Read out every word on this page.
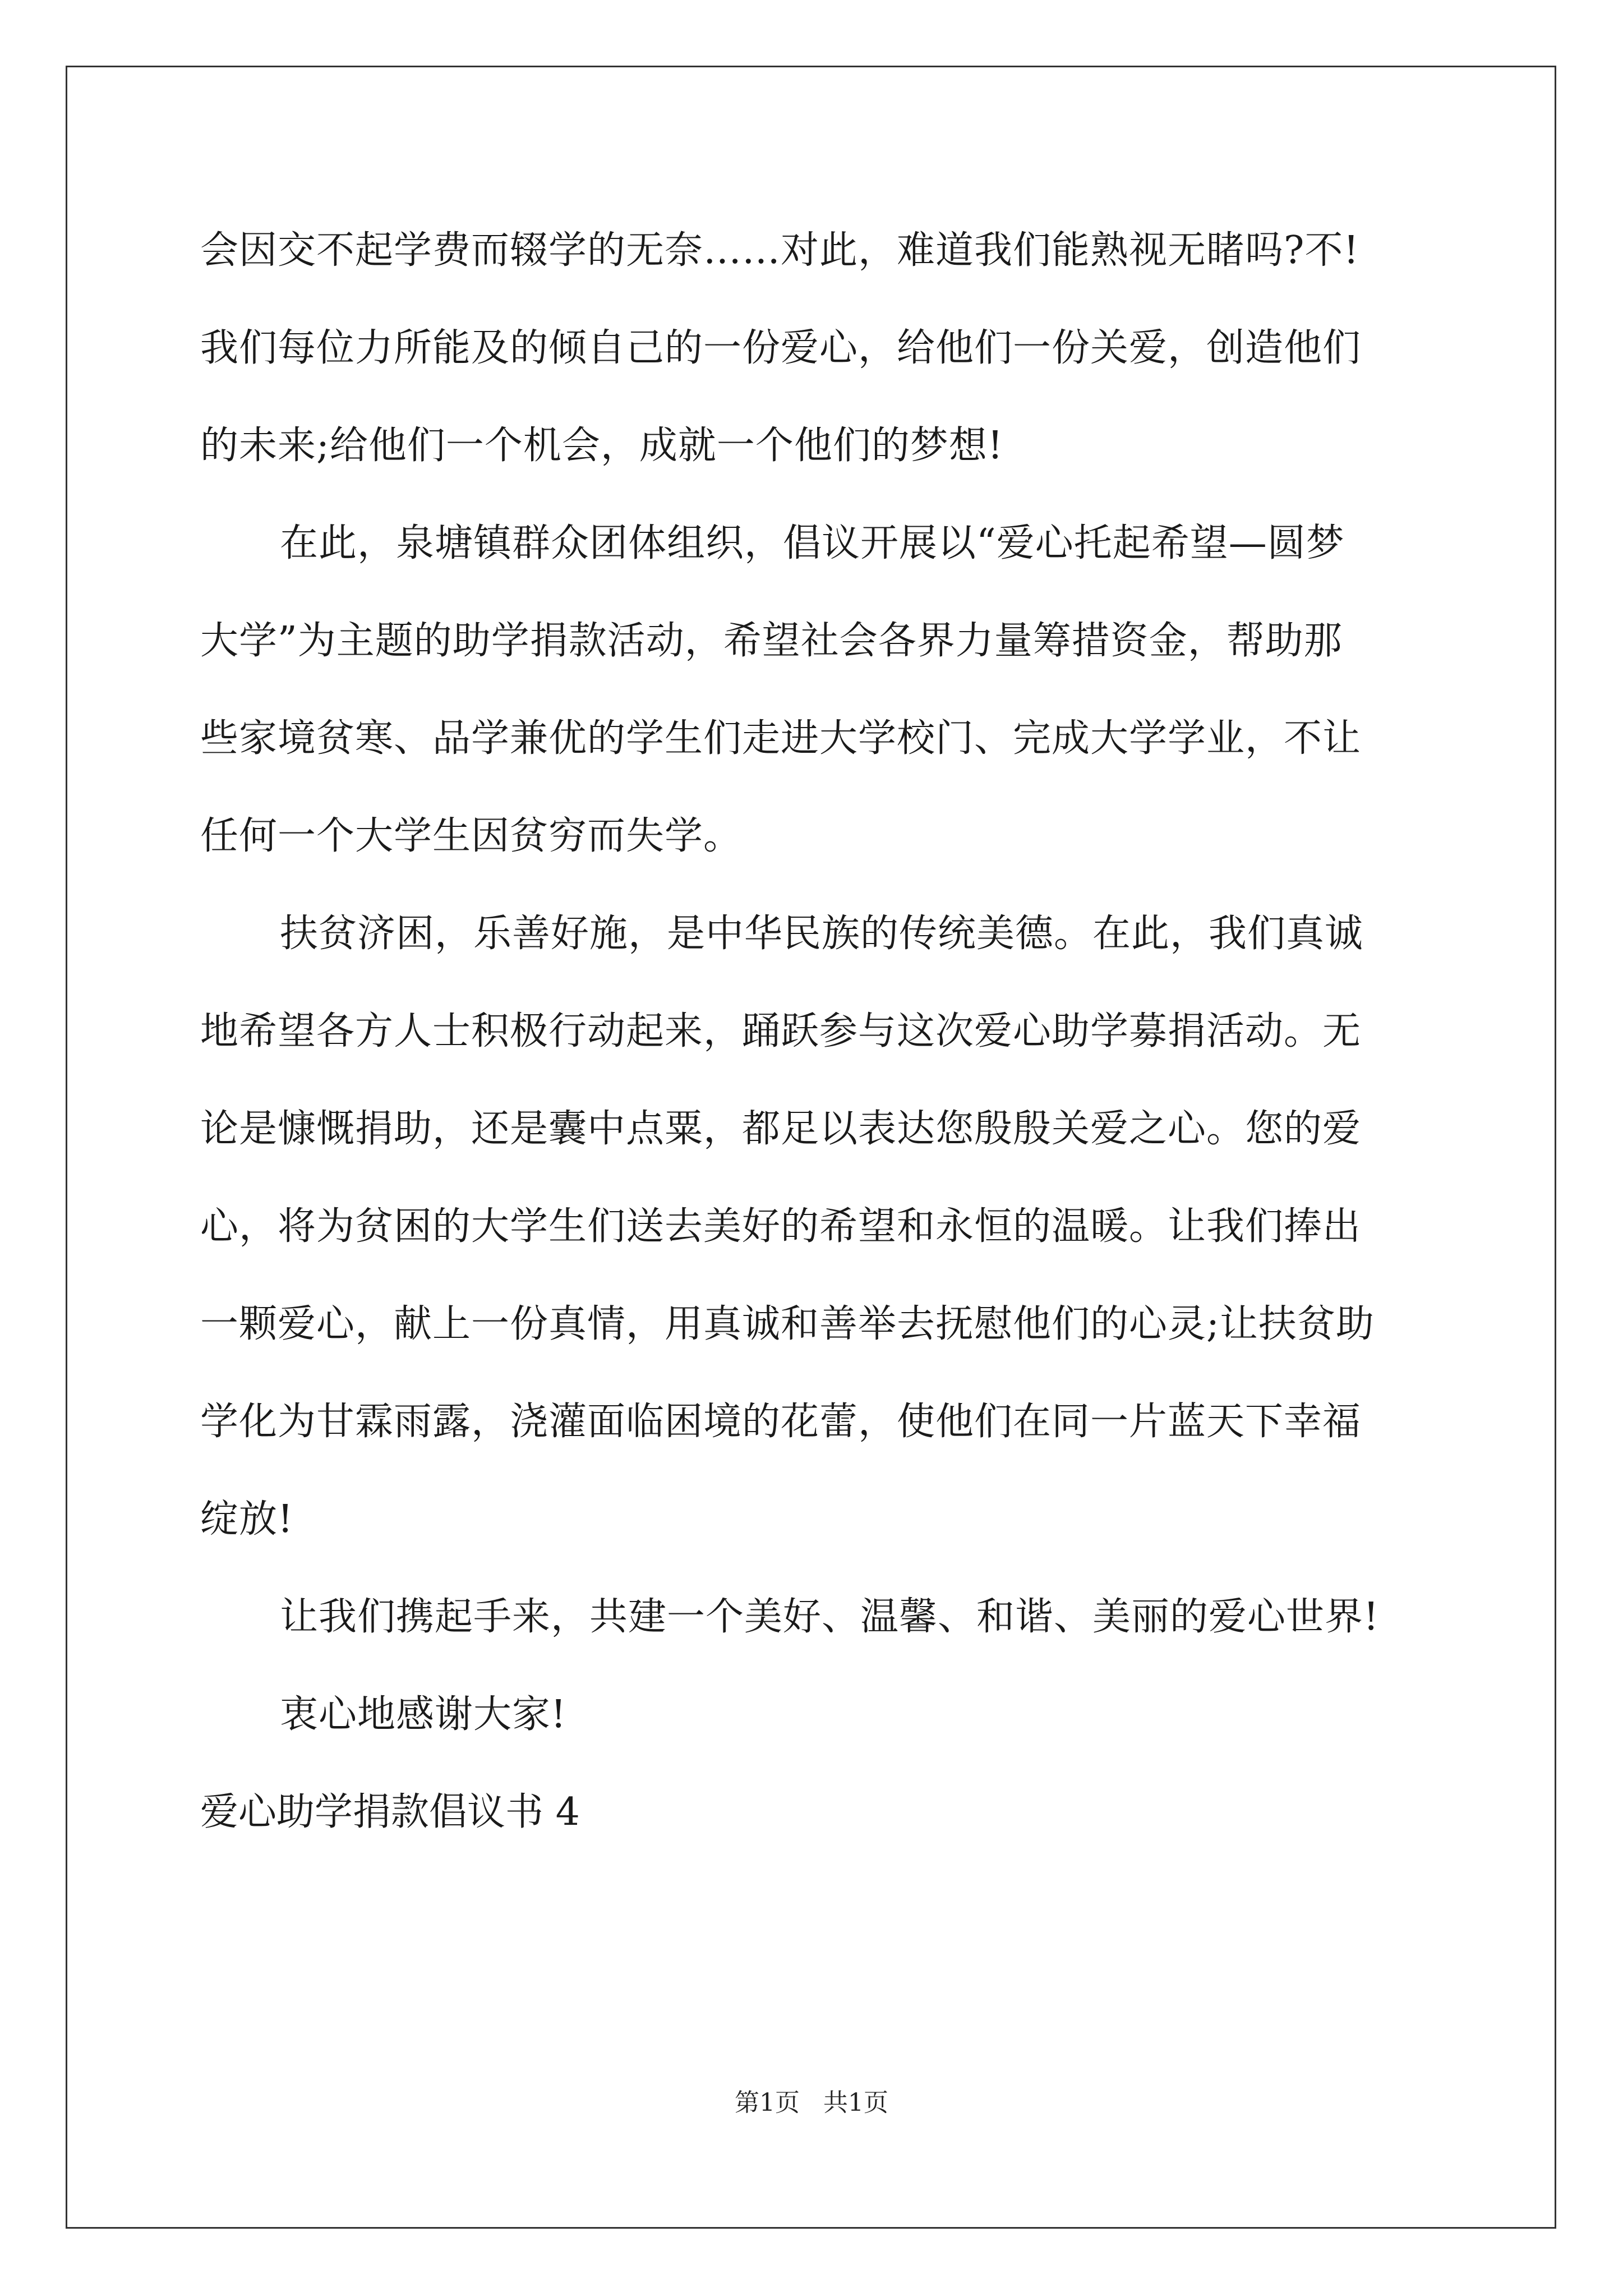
会因交不起学费而辍学的无奈……对此，难道我们能熟视无睹吗?不!
我们每位力所能及的倾自己的一份爱心，给他们一份关爱，创造他们
的未来;给他们一个机会，成就一个他们的梦想!
在此，泉塘镇群众团体组织，倡议开展以“爱心托起希望—圆梦
大学”为主题的助学捐款活动，希望社会各界力量筹措资金，帮助那
些家境贫寒、品学兼优的学生们走进大学校门、完成大学学业，不让
任何一个大学生因贫穷而失学。
扶贫济困，乐善好施，是中华民族的传统美德。在此，我们真诚
地希望各方人士积极行动起来，踊跃参与这次爱心助学募捐活动。无
论是慷慨捐助，还是囊中点粟，都足以表达您殷殷关爱之心。您的爱
心，将为贫困的大学生们送去美好的希望和永恒的温暖。让我们捧出
一颗爱心，献上一份真情，用真诚和善举去抚慰他们的心灵;让扶贫助
学化为甘霖雨露，浇灌面临困境的花蕾，使他们在同一片蓝天下幸福
绽放!
让我们携起手来，共建一个美好、温馨、和谐、美丽的爱心世界!
衷心地感谢大家!
爱心助学捐款倡议书 4
第1页 共1页
